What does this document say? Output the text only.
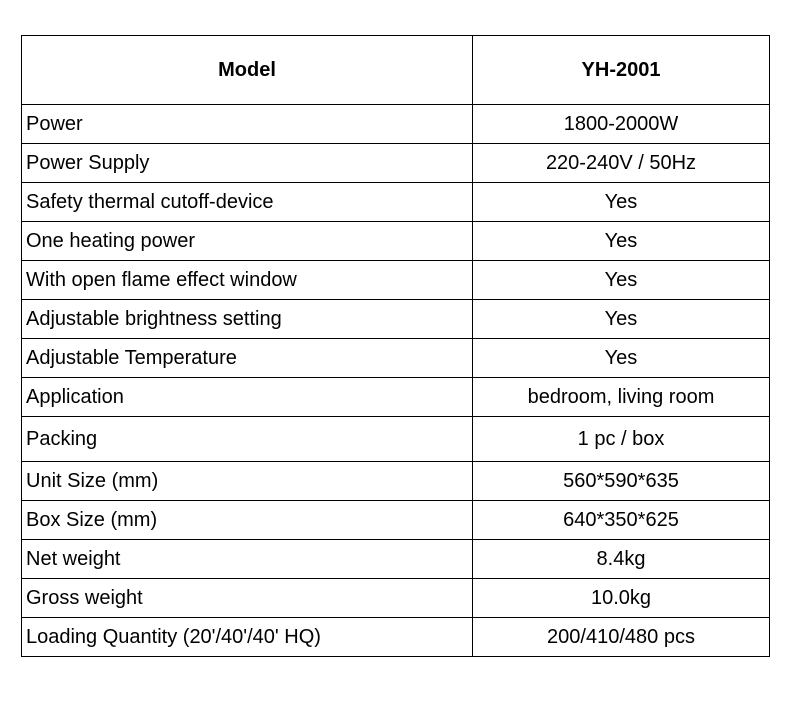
Model	YH-2001
Power	1800-2000W
Power Supply	220-240V / 50Hz
Safety thermal cutoff-device	Yes
One heating power	Yes
With open flame effect window	Yes
Adjustable brightness setting	Yes
Adjustable Temperature	Yes
Application	bedroom, living room
Packing	1 pc / box
Unit Size (mm)	560*590*635
Box Size (mm)	640*350*625
Net weight	8.4kg
Gross weight	10.0kg
Loading Quantity (20'/40'/40' HQ)	200/410/480 pcs
